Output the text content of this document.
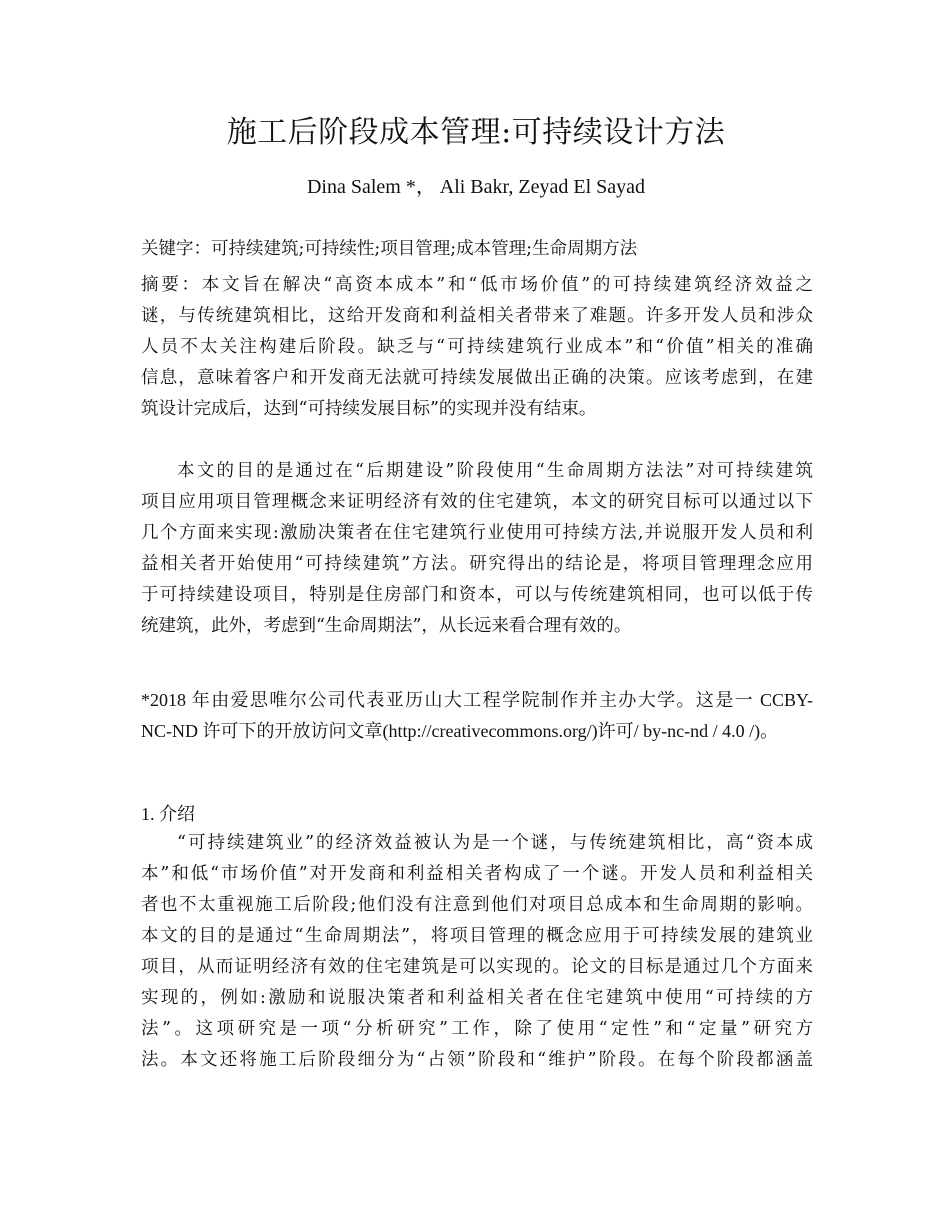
施工后阶段成本管理:可持续设计方法
Dina Salem *， Ali Bakr, Zeyad El Sayad
关键字：可持续建筑;可持续性;项目管理;成本管理;生命周期方法
摘要：本文旨在解决“高资本成本”和“低市场价值”的可持续建筑经济效益之
谜，与传统建筑相比，这给开发商和利益相关者带来了难题。许多开发人员和涉众
人员不太关注构建后阶段。缺乏与“可持续建筑行业成本”和“价值”相关的准确
信息，意味着客户和开发商无法就可持续发展做出正确的决策。应该考虑到，在建
筑设计完成后，达到“可持续发展目标”的实现并没有结束。
本文的目的是通过在“后期建设”阶段使用“生命周期方法法”对可持续建筑
项目应用项目管理概念来证明经济有效的住宅建筑，本文的研究目标可以通过以下
几个方面来实现:激励决策者在住宅建筑行业使用可持续方法,并说服开发人员和利
益相关者开始使用“可持续建筑”方法。研究得出的结论是，将项目管理理念应用
于可持续建设项目，特别是住房部门和资本，可以与传统建筑相同，也可以低于传
统建筑，此外，考虑到“生命周期法”，从长远来看合理有效的。
*2018 年由爱思唯尔公司代表亚历山大工程学院制作并主办大学。这是一 CCBY-
NC-ND 许可下的开放访问文章(http://creativecommons.org/)许可/ by-nc-nd / 4.0 /)。
1. 介绍
“可持续建筑业”的经济效益被认为是一个谜，与传统建筑相比，高“资本成
本”和低“市场价值”对开发商和利益相关者构成了一个谜。开发人员和利益相关
者也不太重视施工后阶段;他们没有注意到他们对项目总成本和生命周期的影响。
本文的目的是通过“生命周期法”，将项目管理的概念应用于可持续发展的建筑业
项目，从而证明经济有效的住宅建筑是可以实现的。论文的目标是通过几个方面来
实现的，例如:激励和说服决策者和利益相关者在住宅建筑中使用“可持续的方
法”。这项研究是一项“分析研究”工作，除了使用“定性”和“定量”研究方
法。本文还将施工后阶段细分为“占领”阶段和“维护”阶段。在每个阶段都涵盖
